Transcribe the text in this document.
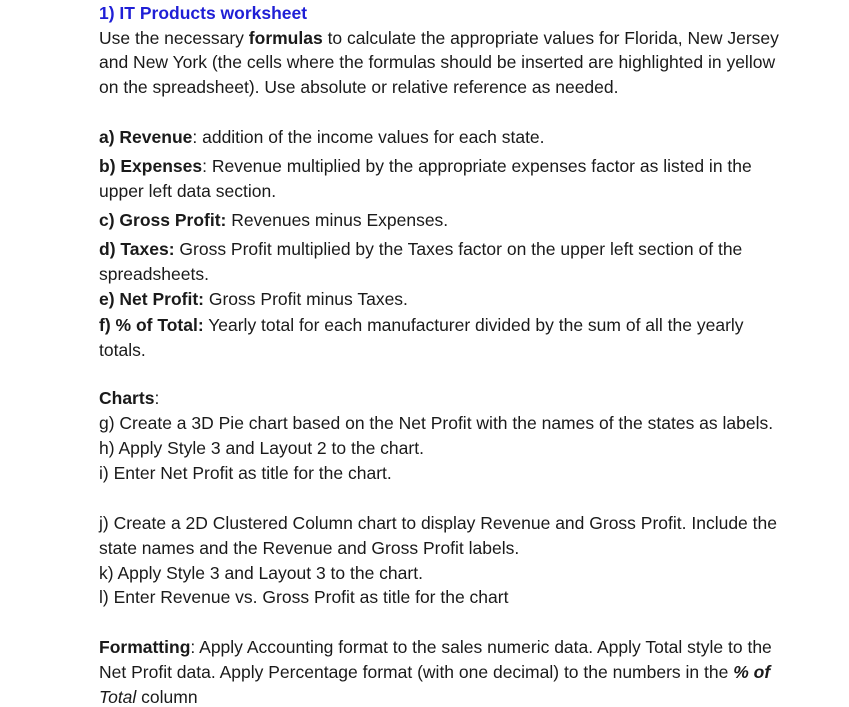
1) IT Products worksheet
Use the necessary formulas to calculate the appropriate values for Florida, New Jersey
and New York (the cells where the formulas should be inserted are highlighted in yellow
on the spreadsheet). Use absolute or relative reference as needed.
a) Revenue: addition of the income values for each state.
b) Expenses: Revenue multiplied by the appropriate expenses factor as listed in the
upper left data section.
c) Gross Profit: Revenues minus Expenses.
d) Taxes: Gross Profit multiplied by the Taxes factor on the upper left section of the
spreadsheets.
e) Net Profit: Gross Profit minus Taxes.
f) % of Total: Yearly total for each manufacturer divided by the sum of all the yearly
totals.
Charts:
g) Create a 3D Pie chart based on the Net Profit with the names of the states as labels.
h) Apply Style 3 and Layout 2 to the chart.
i) Enter Net Profit as title for the chart.
j) Create a 2D Clustered Column chart to display Revenue and Gross Profit. Include the
state names and the Revenue and Gross Profit labels.
k) Apply Style 3 and Layout 3 to the chart.
l) Enter Revenue vs. Gross Profit as title for the chart
Formatting: Apply Accounting format to the sales numeric data. Apply Total style to the
Net Profit data. Apply Percentage format (with one decimal) to the numbers in the % of
Total column
